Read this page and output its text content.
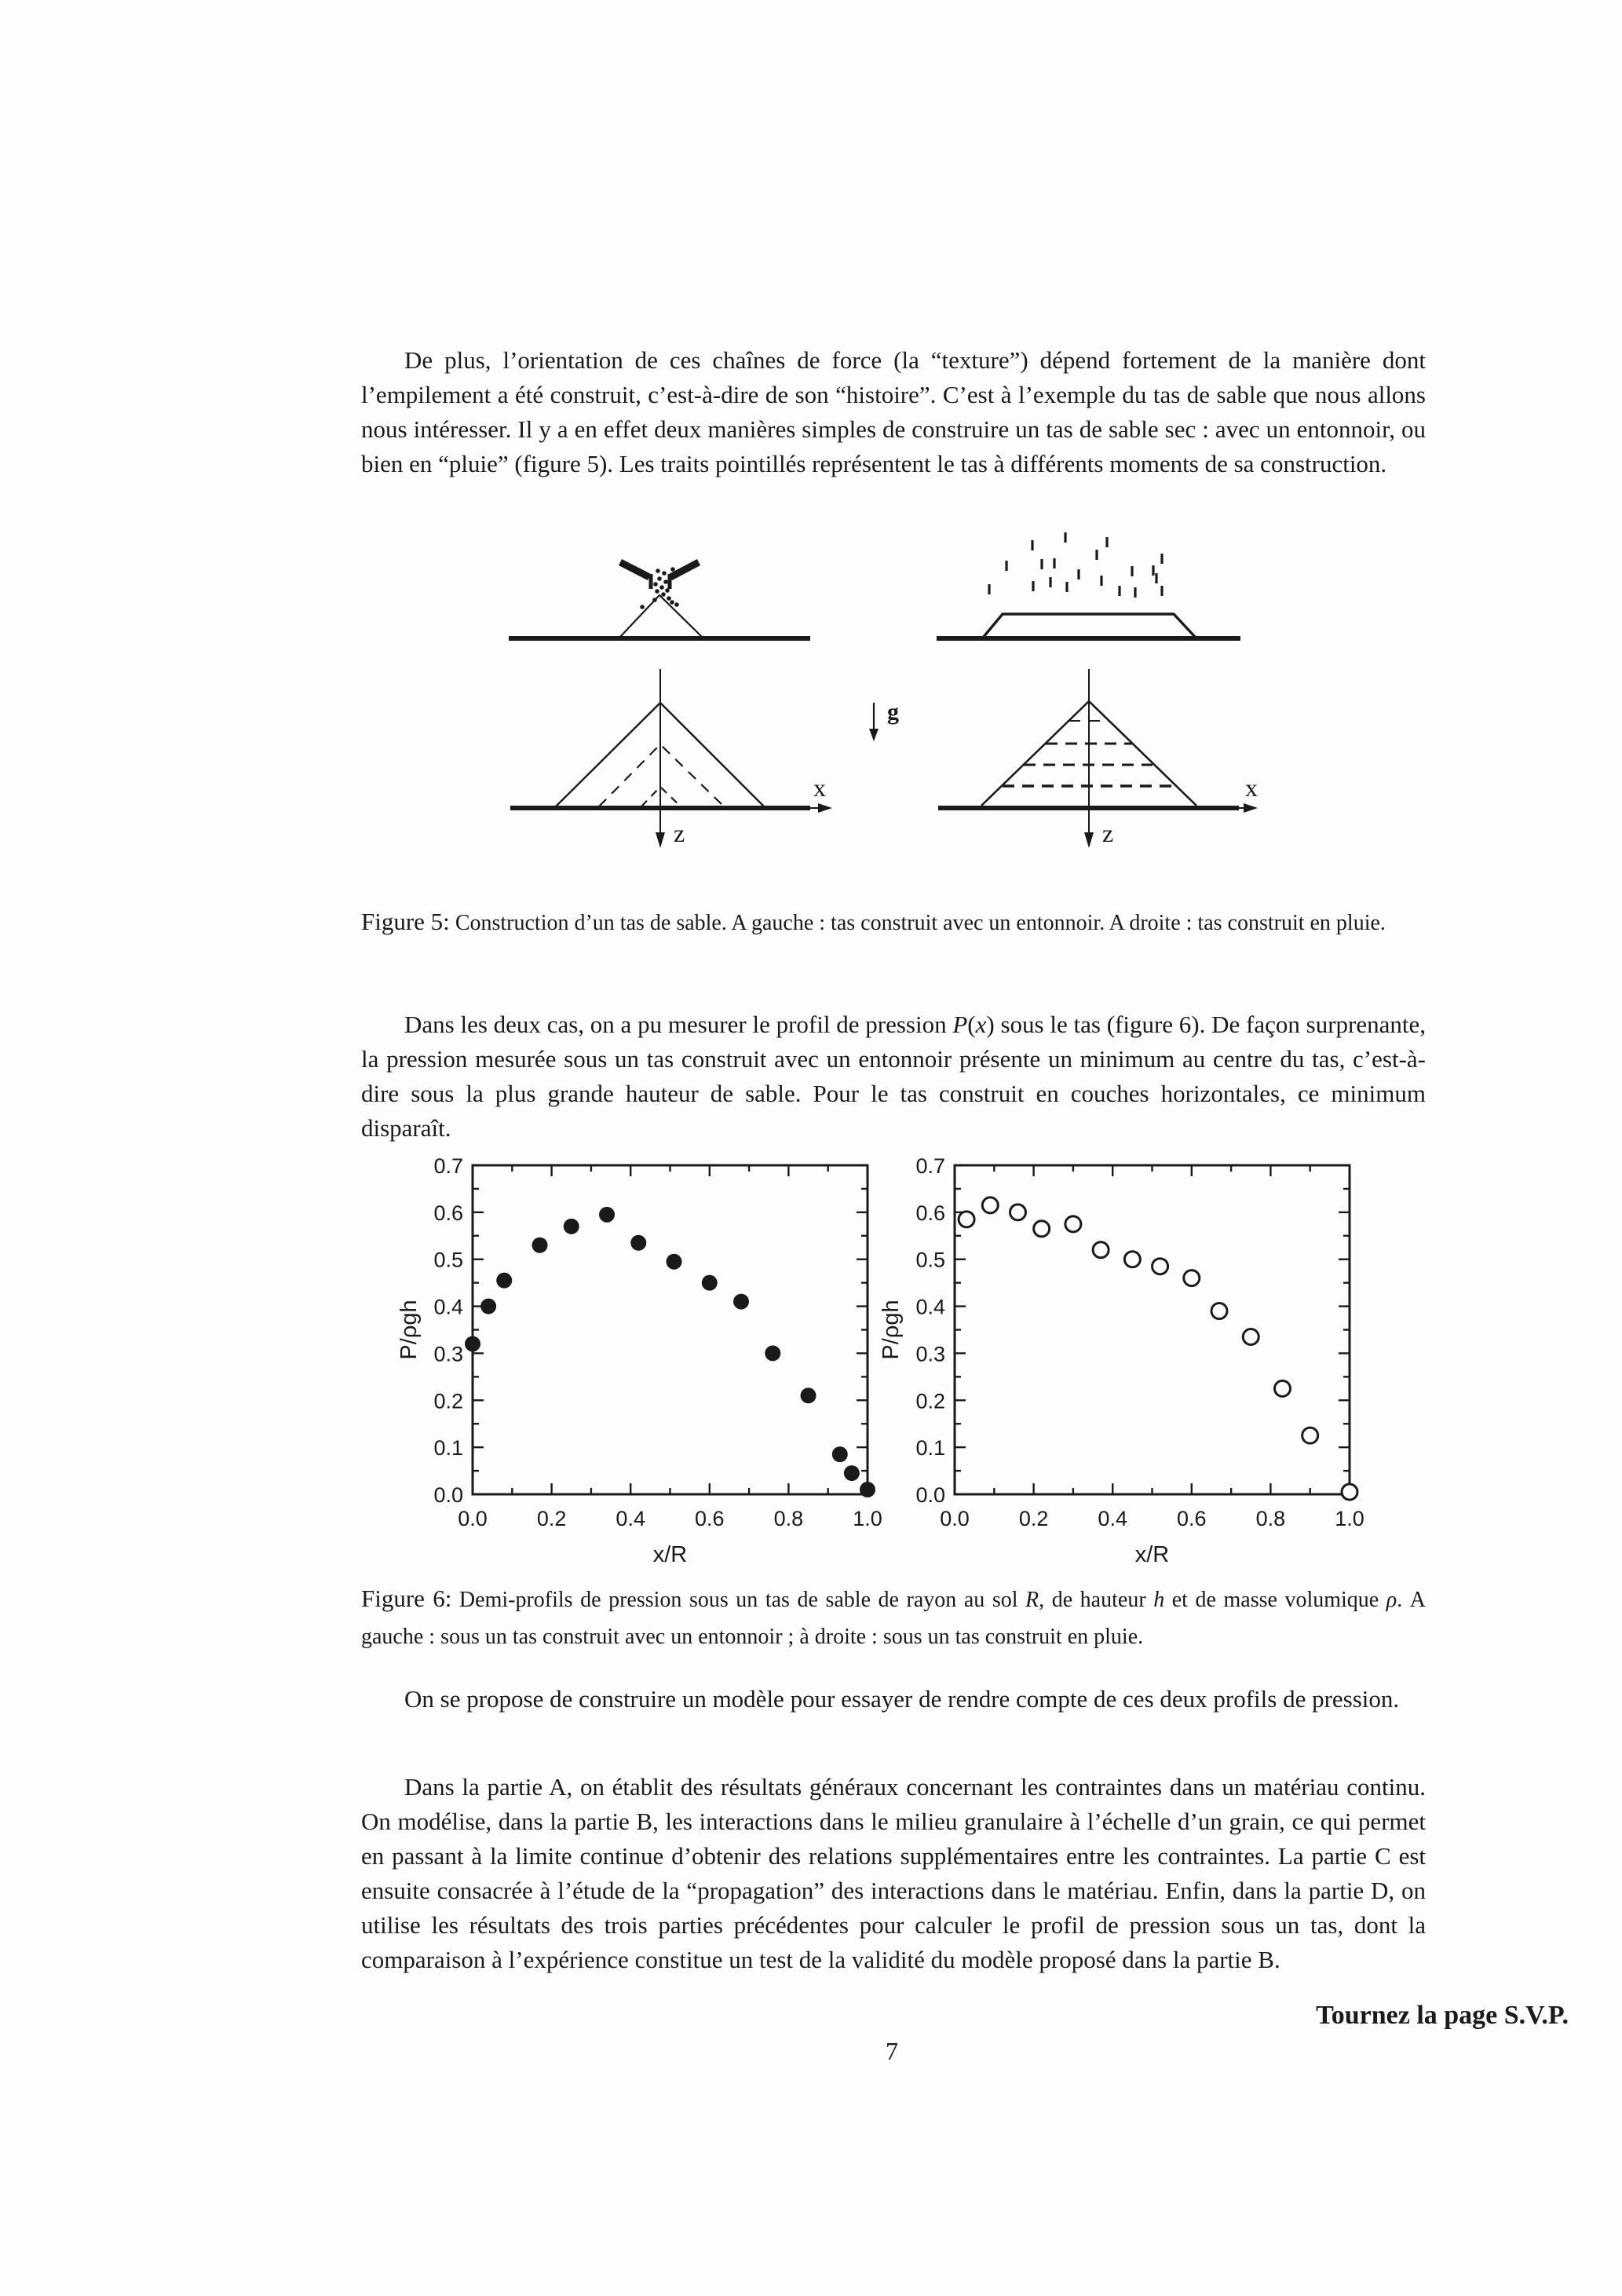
De plus, l’orientation de ces chaînes de force (la “texture”) dépend fortement de la manière dont l’empilement a été construit, c’est-à-dire de son “histoire”. C’est à l’exemple du tas de sable que nous allons nous intéresser. Il y a en effet deux manières simples de construire un tas de sable sec : avec un entonnoir, ou bien en “pluie” (figure 5). Les traits pointillés représentent le tas à différents moments de sa construction.
g
x
z
x
z
Figure 5: Construction d’un tas de sable. A gauche : tas construit avec un entonnoir. A droite : tas construit en pluie.
Dans les deux cas, on a pu mesurer le profil de pression P(x) sous le tas (figure 6). De façon surprenante, la pression mesurée sous un tas construit avec un entonnoir présente un minimum au centre du tas, c’est-à-dire sous la plus grande hauteur de sable. Pour le tas construit en couches horizontales, ce minimum disparaît.
0.0 0.2 0.4 0.6 0.8 1.0
0.0
0.1
0.2
0.3
0.4
0.5
0.6
0.7
x/R
P/ρgh
0.0 0.2 0.4 0.6 0.8 1.0
0.0
0.1
0.2
0.3
0.4
0.5
0.6
0.7
x/R
P/ρgh
Figure 6: Demi-profils de pression sous un tas de sable de rayon au sol R, de hauteur h et de masse volumique ρ. A gauche : sous un tas construit avec un entonnoir ; à droite : sous un tas construit en pluie.
On se propose de construire un modèle pour essayer de rendre compte de ces deux profils de pression.
Dans la partie A, on établit des résultats généraux concernant les contraintes dans un matériau continu. On modélise, dans la partie B, les interactions dans le milieu granulaire à l’échelle d’un grain, ce qui permet en passant à la limite continue d’obtenir des relations supplémentaires entre les contraintes. La partie C est ensuite consacrée à l’étude de la “propagation” des interactions dans le matériau. Enfin, dans la partie D, on utilise les résultats des trois parties précédentes pour calculer le profil de pression sous un tas, dont la comparaison à l’expérience constitue un test de la validité du modèle proposé dans la partie B.
Tournez la page S.V.P.
7
